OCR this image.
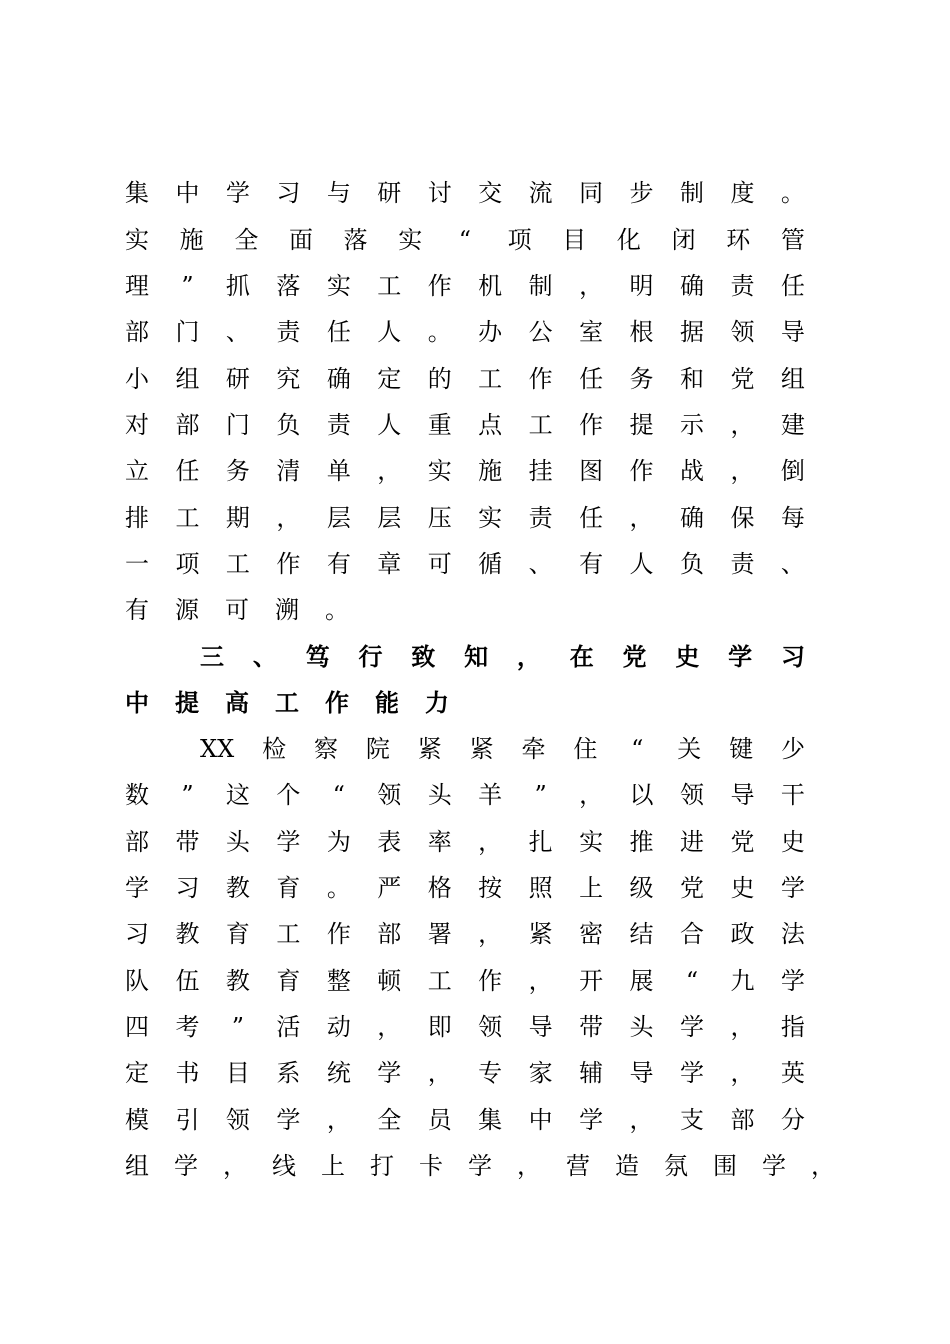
集 中 学 习 与 研 讨 交 流 同 步 制 度 。
实 施 全 面 落 实 “ 项 目 化 闭 环 管
理 ” 抓 落 实 工 作 机 制 ， 明 确 责 任
部 门 、 责 任 人 。 办 公 室 根 据 领 导
小 组 研 究 确 定 的 工 作 任 务 和 党 组
对 部 门 负 责 人 重 点 工 作 提 示 ， 建
立 任 务 清 单 ， 实 施 挂 图 作 战 ， 倒
排 工 期 ， 层 层 压 实 责 任 ， 确 保 每
一 项 工 作 有 章 可 循 、 有 人 负 责 、
有 源 可 溯 。
三 、 笃 行 致 知 ， 在 党 史 学 习
中 提 高 工 作 能 力
XX 检 察 院 紧 紧 牵 住 “ 关 键 少
数 ” 这 个 “ 领 头 羊 ” ， 以 领 导 干
部 带 头 学 为 表 率 ， 扎 实 推 进 党 史
学 习 教 育 。 严 格 按 照 上 级 党 史 学
习 教 育 工 作 部 署 ， 紧 密 结 合 政 法
队 伍 教 育 整 顿 工 作 ， 开 展 “ 九 学
四 考 ” 活 动 ， 即 领 导 带 头 学 ， 指
定 书 目 系 统 学 ， 专 家 辅 导 学 ， 英
模 引 领 学 ， 全 员 集 中 学 ， 支 部 分
组 学 ， 线 上 打 卡 学 ， 营 造 氛 围 学 ，
